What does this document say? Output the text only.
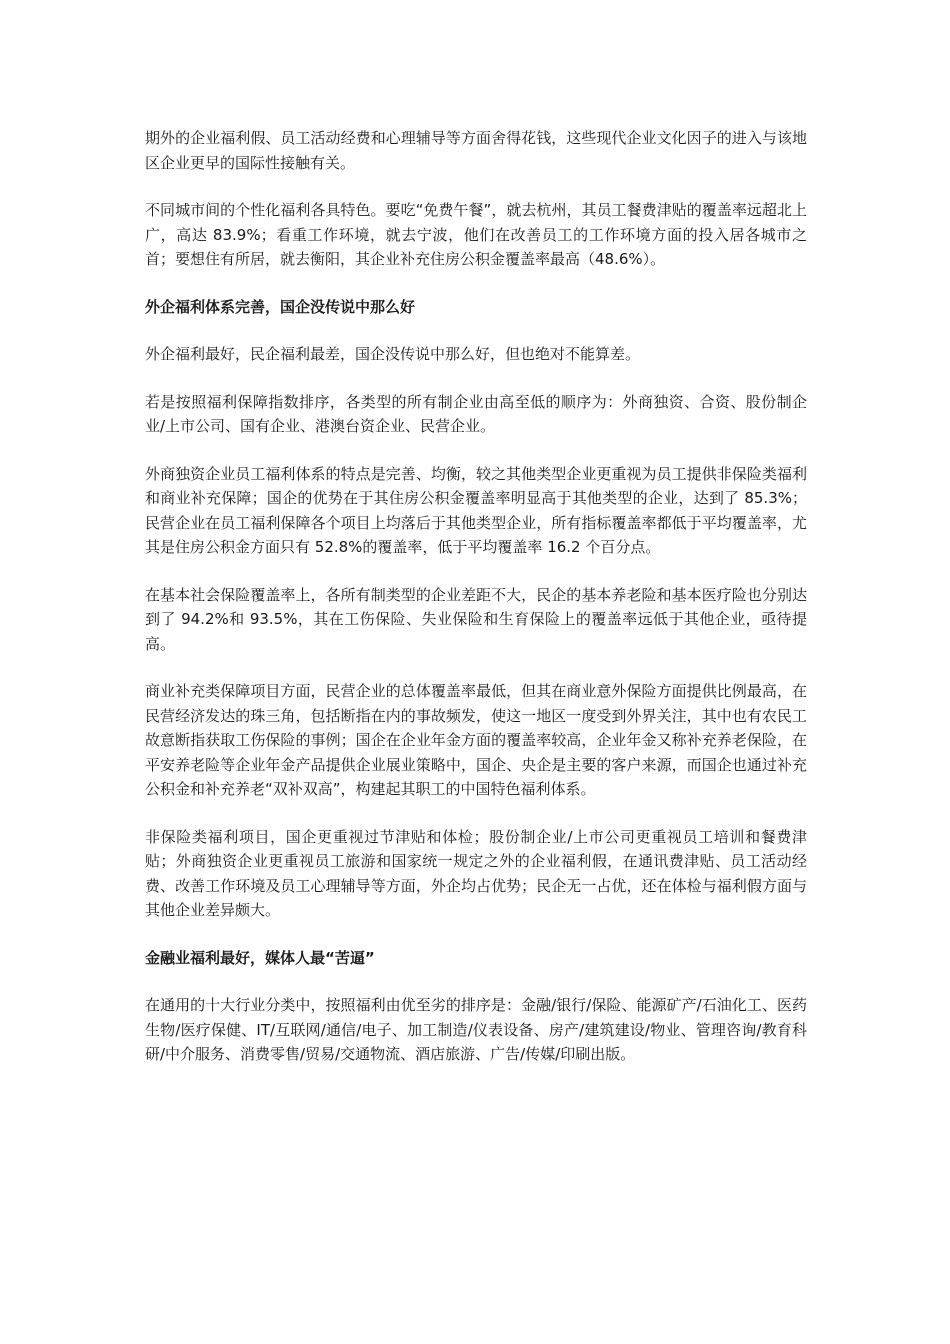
期外的企业福利假、员工活动经费和心理辅导等方面舍得花钱，这些现代企业文化因子的进入与该地区企业更早的国际性接触有关。

不同城市间的个性化福利各具特色。要吃“免费午餐”，就去杭州，其员工餐费津贴的覆盖率远超北上广，高达 83.9%；看重工作环境，就去宁波，他们在改善员工的工作环境方面的投入居各城市之首；要想住有所居，就去衡阳，其企业补充住房公积金覆盖率最高（48.6%）。

外企福利体系完善，国企没传说中那么好

外企福利最好，民企福利最差，国企没传说中那么好，但也绝对不能算差。

若是按照福利保障指数排序，各类型的所有制企业由高至低的顺序为：外商独资、合资、股份制企业/上市公司、国有企业、港澳台资企业、民营企业。

外商独资企业员工福利体系的特点是完善、均衡，较之其他类型企业更重视为员工提供非保险类福利和商业补充保障；国企的优势在于其住房公积金覆盖率明显高于其他类型的企业，达到了 85.3%；民营企业在员工福利保障各个项目上均落后于其他类型企业，所有指标覆盖率都低于平均覆盖率，尤其是住房公积金方面只有 52.8%的覆盖率，低于平均覆盖率 16.2 个百分点。

在基本社会保险覆盖率上，各所有制类型的企业差距不大，民企的基本养老险和基本医疗险也分别达到了 94.2%和 93.5%，其在工伤保险、失业保险和生育保险上的覆盖率远低于其他企业，亟待提高。

商业补充类保障项目方面，民营企业的总体覆盖率最低，但其在商业意外保险方面提供比例最高，在民营经济发达的珠三角，包括断指在内的事故频发，使这一地区一度受到外界关注，其中也有农民工故意断指获取工伤保险的事例；国企在企业年金方面的覆盖率较高，企业年金又称补充养老保险，在平安养老险等企业年金产品提供企业展业策略中，国企、央企是主要的客户来源，而国企也通过补充公积金和补充养老“双补双高”，构建起其职工的中国特色福利体系。

非保险类福利项目，国企更重视过节津贴和体检；股份制企业/上市公司更重视员工培训和餐费津贴；外商独资企业更重视员工旅游和国家统一规定之外的企业福利假，在通讯费津贴、员工活动经费、改善工作环境及员工心理辅导等方面，外企均占优势；民企无一占优，还在体检与福利假方面与其他企业差异颇大。

金融业福利最好，媒体人最“苦逼”

在通用的十大行业分类中，按照福利由优至劣的排序是：金融/银行/保险、能源矿产/石油化工、医药生物/医疗保健、IT/互联网/通信/电子、加工制造/仪表设备、房产/建筑建设/物业、管理咨询/教育科研/中介服务、消费零售/贸易/交通物流、酒店旅游、广告/传媒/印刷出版。
